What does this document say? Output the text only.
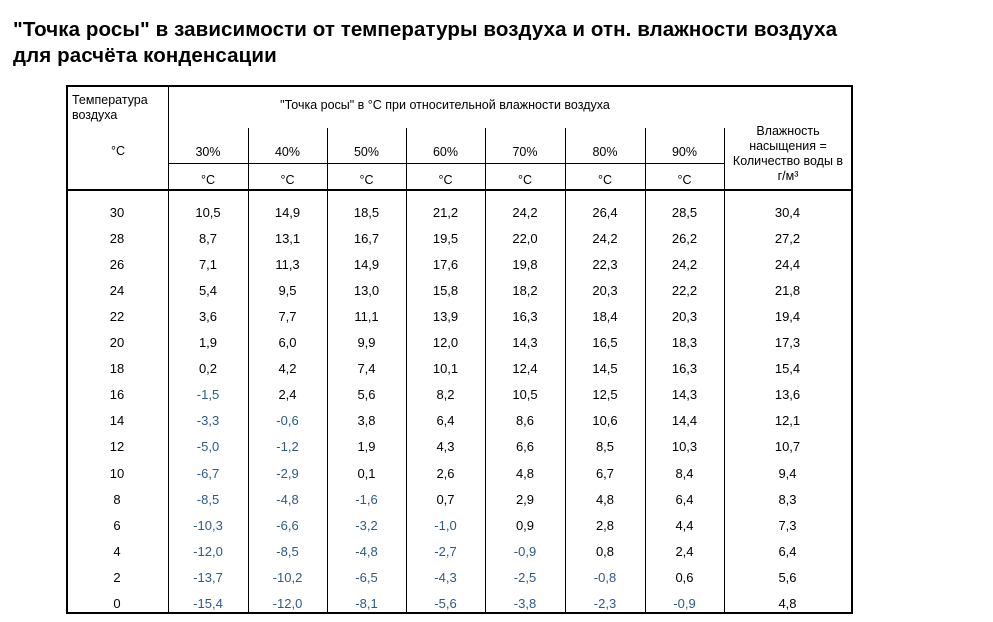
"Точка росы" в зависимости от температуры воздуха и отн. влажности воздуха
для расчёта конденсации
Температура воздуха
°C
"Точка росы" в °C при относительной влажности воздуха
Влажность насыщения = Количество воды в г/м³
30%
°C
40%
°C
50%
°C
60%
°C
70%
°C
80%
°C
90%
°C
30	10,5	14,9	18,5	21,2	24,2	26,4	28,5	30,4
28	8,7	13,1	16,7	19,5	22,0	24,2	26,2	27,2
26	7,1	11,3	14,9	17,6	19,8	22,3	24,2	24,4
24	5,4	9,5	13,0	15,8	18,2	20,3	22,2	21,8
22	3,6	7,7	11,1	13,9	16,3	18,4	20,3	19,4
20	1,9	6,0	9,9	12,0	14,3	16,5	18,3	17,3
18	0,2	4,2	7,4	10,1	12,4	14,5	16,3	15,4
16	-1,5	2,4	5,6	8,2	10,5	12,5	14,3	13,6
14	-3,3	-0,6	3,8	6,4	8,6	10,6	14,4	12,1
12	-5,0	-1,2	1,9	4,3	6,6	8,5	10,3	10,7
10	-6,7	-2,9	0,1	2,6	4,8	6,7	8,4	9,4
8	-8,5	-4,8	-1,6	0,7	2,9	4,8	6,4	8,3
6	-10,3	-6,6	-3,2	-1,0	0,9	2,8	4,4	7,3
4	-12,0	-8,5	-4,8	-2,7	-0,9	0,8	2,4	6,4
2	-13,7	-10,2	-6,5	-4,3	-2,5	-0,8	0,6	5,6
0	-15,4	-12,0	-8,1	-5,6	-3,8	-2,3	-0,9	4,8
